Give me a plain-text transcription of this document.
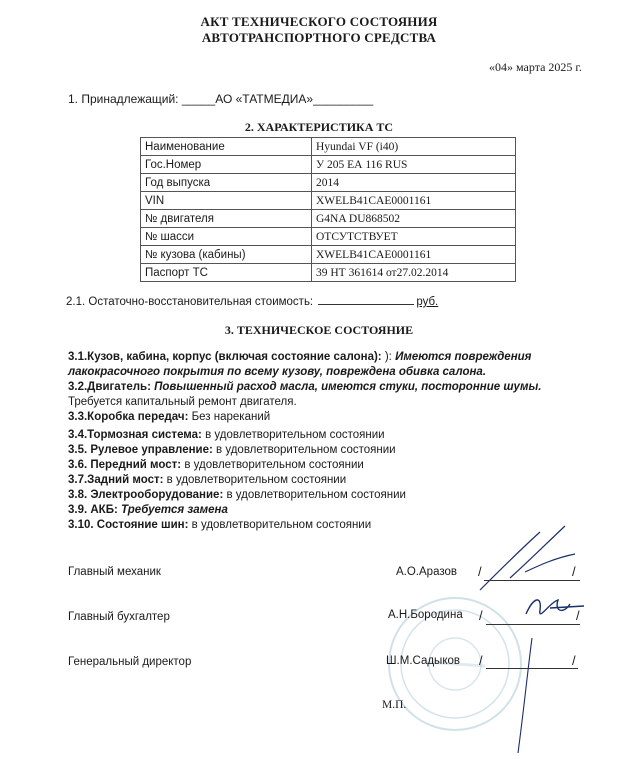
АКТ ТЕХНИЧЕСКОГО СОСТОЯНИЯ
АВТОТРАНСПОРТНОГО СРЕДСТВА
«04» марта 2025 г.
1. Принадлежащий: _____АО «ТАТМЕДИА»_________
2. ХАРАКТЕРИСТИКА ТС
Наименование	Hyundai VF (i40)
Гос.Номер	У 205 ЕА 116 RUS
Год выпуска	2014
VIN	XWELB41CAE0001161
№ двигателя	G4NA DU868502
№ шасси	ОТСУТСТВУЕТ
№ кузова (кабины)	XWELB41CAE0001161
Паспорт ТС	39 НТ 361614 от27.02.2014
2.1. Остаточно-восстановительная стоимость:	руб.
3. ТЕХНИЧЕСКОЕ СОСТОЯНИЕ
3.1.Кузов, кабина, корпус (включая состояние салона): ): Имеются повреждения лакокрасочного покрытия по всему кузову, повреждена обивка салона.
3.2.Двигатель: Повышенный расход масла, имеются стуки, посторонние шумы.
Требуется капитальный ремонт двигателя.
3.3.Коробка передач: Без нареканий
3.4.Тормозная система: в удовлетворительном состоянии
3.5. Рулевое управление: в удовлетворительном состоянии
3.6. Передний мост: в удовлетворительном состоянии
3.7.Задний мост: в удовлетворительном состоянии
3.8. Электрооборудование: в удовлетворительном состоянии
3.9. АКБ: Требуется замена
3.10. Состояние шин: в удовлетворительном состоянии
Главный механик	А.О.Аразов /	/
Главный бухгалтер	А.Н.Бородина /	/
Генеральный директор	Ш.М.Садыков /	/
М.П.
